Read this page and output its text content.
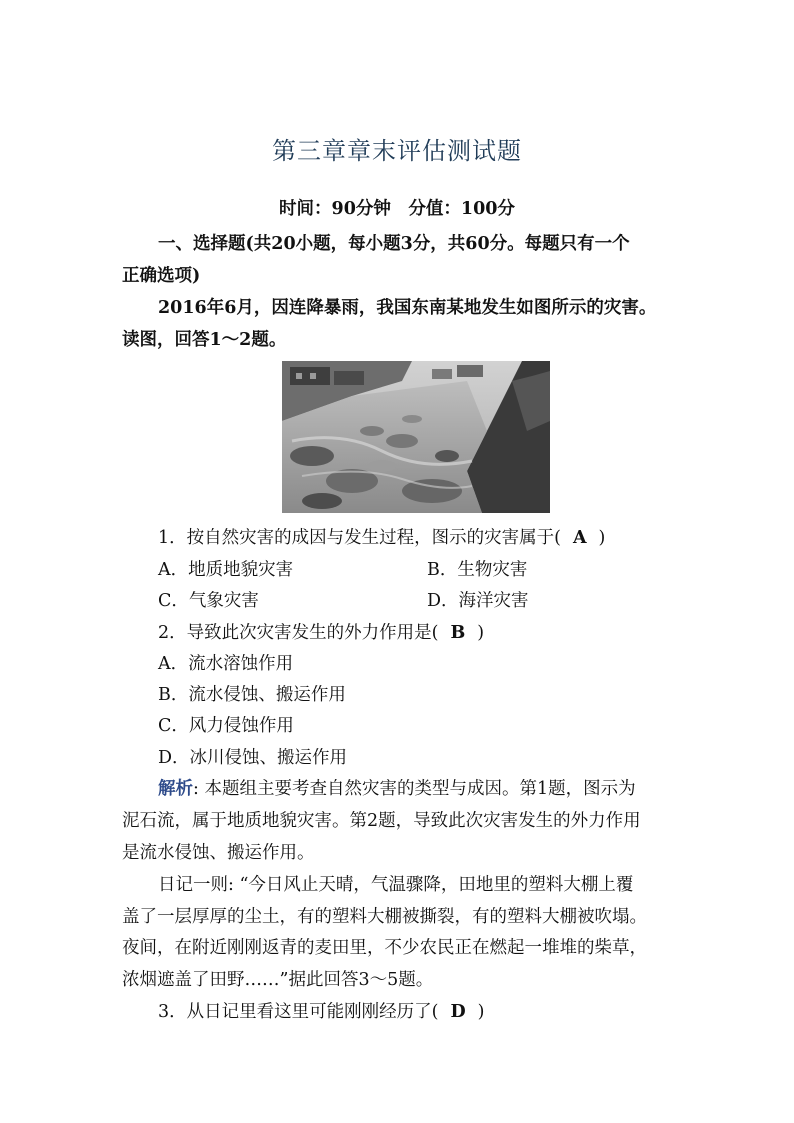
第三章章末评估测试题
时间：90分钟　分值：100分
一、选择题(共20小题，每小题3分，共60分。每题只有一个
正确选项)
2016年6月，因连降暴雨，我国东南某地发生如图所示的灾害。
读图，回答1～2题。
1．按自然灾害的成因与发生过程，图示的灾害属于( A )
A．地质地貌灾害	B．生物灾害
C．气象灾害	D．海洋灾害
2．导致此次灾害发生的外力作用是( B )
A．流水溶蚀作用
B．流水侵蚀、搬运作用
C．风力侵蚀作用
D．冰川侵蚀、搬运作用
解析: 本题组主要考查自然灾害的类型与成因。第1题，图示为
泥石流，属于地质地貌灾害。第2题，导致此次灾害发生的外力作用
是流水侵蚀、搬运作用。
日记一则: “今日风止天晴，气温骤降，田地里的塑料大棚上覆
盖了一层厚厚的尘土，有的塑料大棚被撕裂，有的塑料大棚被吹塌。
夜间，在附近刚刚返青的麦田里，不少农民正在燃起一堆堆的柴草，
浓烟遮盖了田野……”据此回答3～5题。
3．从日记里看这里可能刚刚经历了( D )
